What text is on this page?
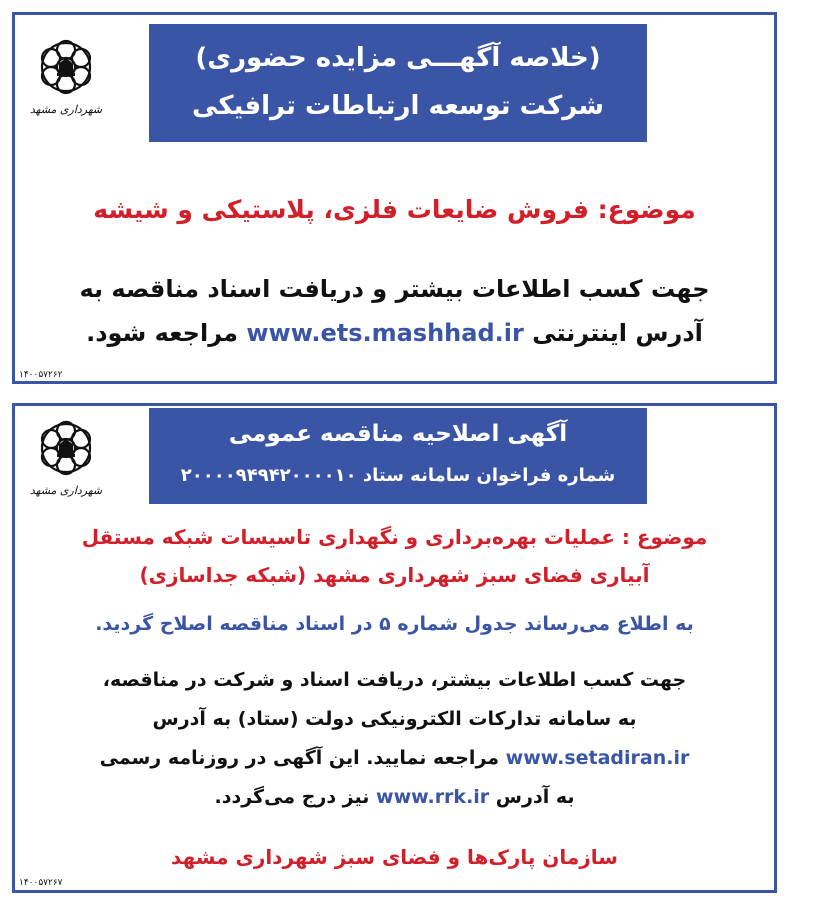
شهرداری مشهد
(خلاصه آگهـــی مزایده حضوری)
شرکت توسعه ارتباطات ترافیکی
موضوع: فروش ضایعات فلزی، پلاستیکی و شیشه
جهت کسب اطلاعات بیشتر و دریافت اسناد مناقصه به
آدرس اینترنتی www.ets.mashhad.ir مراجعه شود.
۱۴۰۰۵۷۲۶۲
شهرداری مشهد
آگهی اصلاحیه مناقصه عمومی
شماره فراخوان سامانه ستاد ۲۰۰۰۰۹۴۹۴۲۰۰۰۰۱۰
موضوع : عملیات بهره‌برداری و نگهداری تاسیسات شبکه مستقل
آبیاری فضای سبز شهرداری مشهد (شبکه جداسازی)
به اطلاع می‌رساند جدول شماره ۵ در اسناد مناقصه اصلاح گردید.
جهت کسب اطلاعات بیشتر، دریافت اسناد و شرکت در مناقصه،
به سامانه تدارکات الکترونیکی دولت (ستاد) به آدرس
www.setadiran.ir مراجعه نمایید. این آگهی در روزنامه رسمی
به آدرس www.rrk.ir نیز درج می‌گردد.
سازمان پارک‌ها و فضای سبز شهرداری مشهد
۱۴۰۰۵۷۲۶۷
